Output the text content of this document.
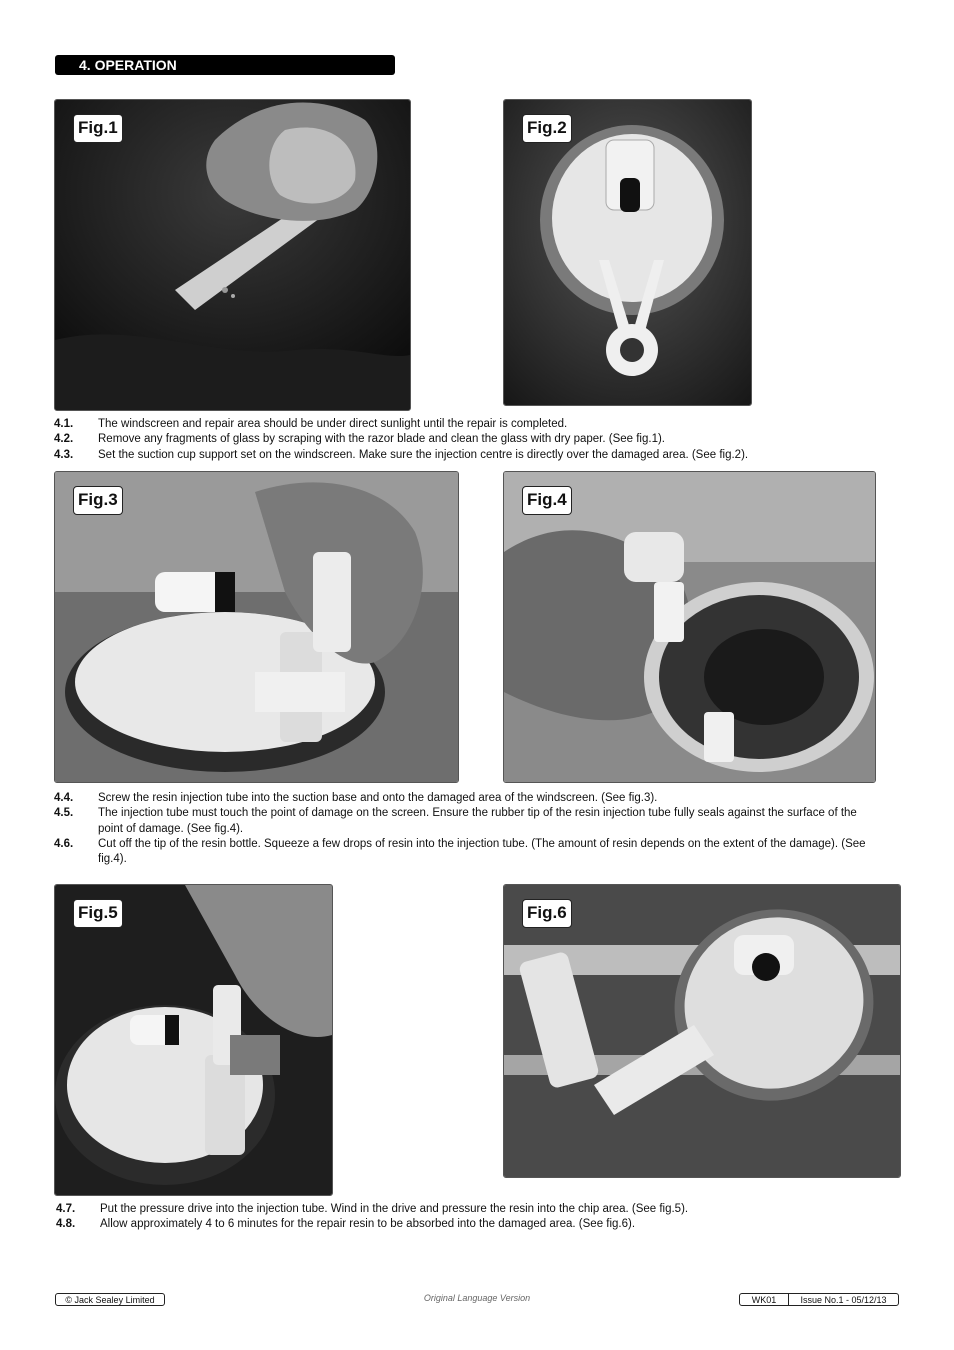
4. OPERATION
Fig.1	Fig.2
4.1.	The windscreen and repair area should be under direct sunlight until the repair is completed.
4.2.	Remove any fragments of glass by scraping with the razor blade and clean the glass with dry paper. (See fig.1).
4.3.	Set the suction cup support set on the windscreen. Make sure the injection centre is directly over the damaged area. (See fig.2).
Fig.3	Fig.4
4.4.	Screw the resin injection tube into the suction base and onto the damaged area of the windscreen. (See fig.3).
4.5.	The injection tube must touch the point of damage on the screen. Ensure the rubber tip of the resin injection tube fully seals against the surface of the point of damage. (See fig.4).
4.6.	Cut off the tip of the resin bottle. Squeeze a few drops of resin into the injection tube. (The amount of resin depends on the extent of the damage). (See fig.4).
Fig.5	Fig.6
4.7.	Put the pressure drive into the injection tube. Wind in the drive and pressure the resin into the chip area. (See fig.5).
4.8.	Allow approximately 4 to 6 minutes for the repair resin to be absorbed into the damaged area. (See fig.6).
© Jack Sealey Limited	Original Language Version	WK01	Issue No.1 - 05/12/13
